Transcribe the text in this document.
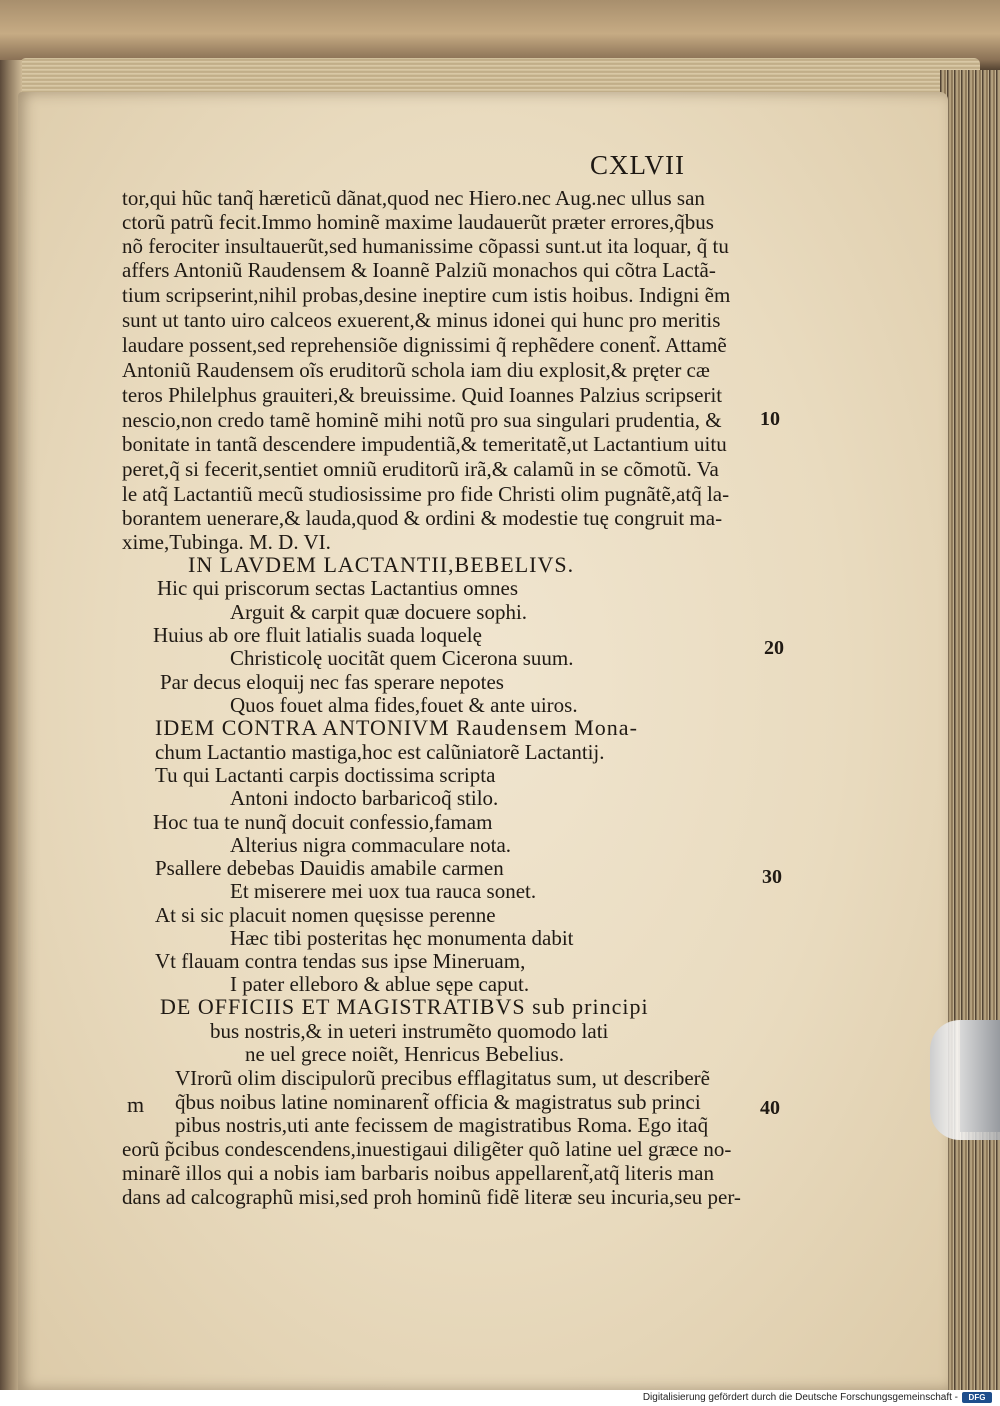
CXLVII
tor,qui hũc tanq̃ hæreticũ dãnat,quod nec Hiero.nec Aug.nec ullus san
ctorũ patrũ fecit.Immo hominẽ maxime laudauerũt præter errores,q̃bus
nõ ferociter insultauerũt,sed humanissime cõpassi sunt.ut ita loquar, q̃ tu
affers Antoniũ Raudensem & Ioannẽ Palziũ monachos qui cõtra Lactã-
tium scripserint,nihil probas,desine ineptire cum istis hoibus. Indigni ẽm
sunt ut tanto uiro calceos exuerent,& minus idonei qui hunc pro meritis
laudare possent,sed reprehensiõe dignissimi q̃ rephẽdere conent̃. Attamẽ
Antoniũ Raudensem oĩs eruditorũ schola iam diu explosit,& pręter cæ
teros Philelphus grauiteri,& breuissime. Quid Ioannes Palzius scripserit
nescio,non credo tamẽ hominẽ mihi notũ pro sua singulari prudentia, &
bonitate in tantã descendere impudentiã,& temeritatẽ,ut Lactantium uitu
peret,q̃ si fecerit,sentiet omniũ eruditorũ irã,& calamũ in se cõmotũ. Va
le atq̃ Lactantiũ mecũ studiosissime pro fide Christi olim pugnãtẽ,atq̃ la-
borantem uenerare,& lauda,quod & ordini & modestie tuę congruit ma-
xime,Tubinga. M. D. VI.
IN LAVDEM LACTANTII,BEBELIVS.
Hic qui priscorum sectas Lactantius omnes
Arguit & carpit quæ docuere sophi.
Huius ab ore fluit latialis suada loquelę
Christicolę uocitãt quem Cicerona suum.
Par decus eloquĳ nec fas sperare nepotes
Quos fouet alma fides,fouet & ante uiros.
IDEM CONTRA ANTONIVM Raudensem Mona-
chum Lactantio mastiga,hoc est calũniatorẽ Lactantĳ.
Tu qui Lactanti carpis doctissima scripta
Antoni indocto barbaricoq̃ stilo.
Hoc tua te nunq̃ docuit confessio,famam
Alterius nigra commaculare nota.
Psallere debebas Dauidis amabile carmen
Et miserere mei uox tua rauca sonet.
At si sic placuit nomen quęsisse perenne
Hæc tibi posteritas hęc monumenta dabit
Vt flauam contra tendas sus ipse Mineruam,
I pater elleboro & ablue sępe caput.
DE OFFICIIS ET MAGISTRATIBVS sub principi
bus nostris,& in ueteri instrumẽto quomodo lati
ne uel grece noiẽt, Henricus Bebelius.
VIrorũ olim discipulorũ precibus efflagitatus sum, ut describerẽ
q̃bus noibus latine nominarent̃ officia & magistratus sub princi
pibus nostris,uti ante fecissem de magistratibus Roma. Ego itaq̃
eorũ p̃cibus condescendens,inuestigaui diligẽter quõ latine uel græce no-
minarẽ illos qui a nobis iam barbaris noibus appellarent̃,atq̃ literis man
dans ad calcographũ misi,sed proh hominũ fidẽ literæ seu incuria,seu per-
10
20
30
40
m
Digitalisierung gefördert durch die Deutsche Forschungsgemeinschaft -	DFG
